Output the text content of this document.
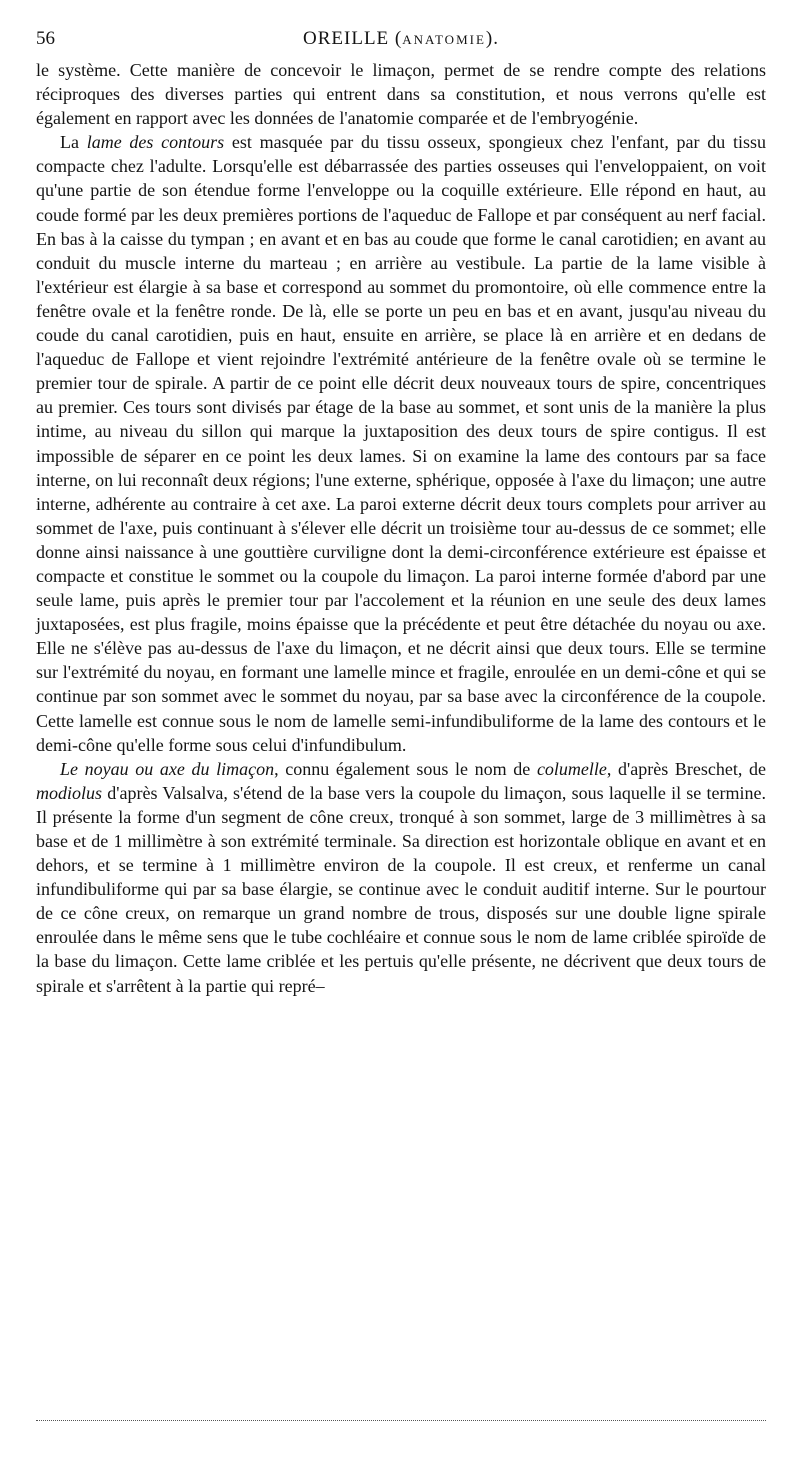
56	OREILLE (ANATOMIE).

le système. Cette manière de concevoir le limaçon, permet de se rendre compte des relations réciproques des diverses parties qui entrent dans sa constitution, et nous verrons qu'elle est également en rapport avec les données de l'anatomie comparée et de l'embryogénie.

La lame des contours est masquée par du tissu osseux, spongieux chez l'enfant, par du tissu compacte chez l'adulte. Lorsqu'elle est débarrassée des parties osseuses qui l'enveloppaient, on voit qu'une partie de son étendue forme l'enveloppe ou la coquille extérieure. Elle répond en haut, au coude formé par les deux premières portions de l'aqueduc de Fallope et par conséquent au nerf facial. En bas à la caisse du tympan ; en avant et en bas au coude que forme le canal carotidien; en avant au conduit du muscle interne du marteau ; en arrière au vestibule. La partie de la lame visible à l'extérieur est élargie à sa base et correspond au sommet du promontoire, où elle commence entre la fenêtre ovale et la fenêtre ronde. De là, elle se porte un peu en bas et en avant, jusqu'au niveau du coude du canal carotidien, puis en haut, ensuite en arrière, se place là en arrière et en dedans de l'aqueduc de Fallope et vient rejoindre l'extrémité antérieure de la fenêtre ovale où se termine le premier tour de spirale. A partir de ce point elle décrit deux nouveaux tours de spire, concentriques au premier. Ces tours sont divisés par étage de la base au sommet, et sont unis de la manière la plus intime, au niveau du sillon qui marque la juxtaposition des deux tours de spire contigus. Il est impossible de séparer en ce point les deux lames. Si on examine la lame des contours par sa face interne, on lui reconnaît deux régions; l'une externe, sphérique, opposée à l'axe du limaçon; une autre interne, adhérente au contraire à cet axe. La paroi externe décrit deux tours complets pour arriver au sommet de l'axe, puis continuant à s'élever elle décrit un troisième tour au-dessus de ce sommet; elle donne ainsi naissance à une gouttière curviligne dont la demi-circonférence extérieure est épaisse et compacte et constitue le sommet ou la coupole du limaçon. La paroi interne formée d'abord par une seule lame, puis après le premier tour par l'accolement et la réunion en une seule des deux lames juxtaposées, est plus fragile, moins épaisse que la précédente et peut être détachée du noyau ou axe. Elle ne s'élève pas au-dessus de l'axe du limaçon, et ne décrit ainsi que deux tours. Elle se termine sur l'extrémité du noyau, en formant une lamelle mince et fragile, enroulée en un demi-cône et qui se continue par son sommet avec le sommet du noyau, par sa base avec la circonférence de la coupole. Cette lamelle est connue sous le nom de lamelle semi-infundibuliforme de la lame des contours et le demi-cône qu'elle forme sous celui d'infundibulum.

Le noyau ou axe du limaçon, connu également sous le nom de columelle, d'après Breschet, de modiolus d'après Valsalva, s'étend de la base vers la coupole du limaçon, sous laquelle il se termine. Il présente la forme d'un segment de cône creux, tronqué à son sommet, large de 3 millimètres à sa base et de 1 millimètre à son extrémité terminale. Sa direction est horizontale oblique en avant et en dehors, et se termine à 1 millimètre environ de la coupole. Il est creux, et renferme un canal infundibuliforme qui par sa base élargie, se continue avec le conduit auditif interne. Sur le pourtour de ce cône creux, on remarque un grand nombre de trous, disposés sur une double ligne spirale enroulée dans le même sens que le tube cochléaire et connue sous le nom de lame criblée spiroïde de la base du limaçon. Cette lame criblée et les pertuis qu'elle présente, ne décrivent que deux tours de spirale et s'arrêtent à la partie qui repré–
